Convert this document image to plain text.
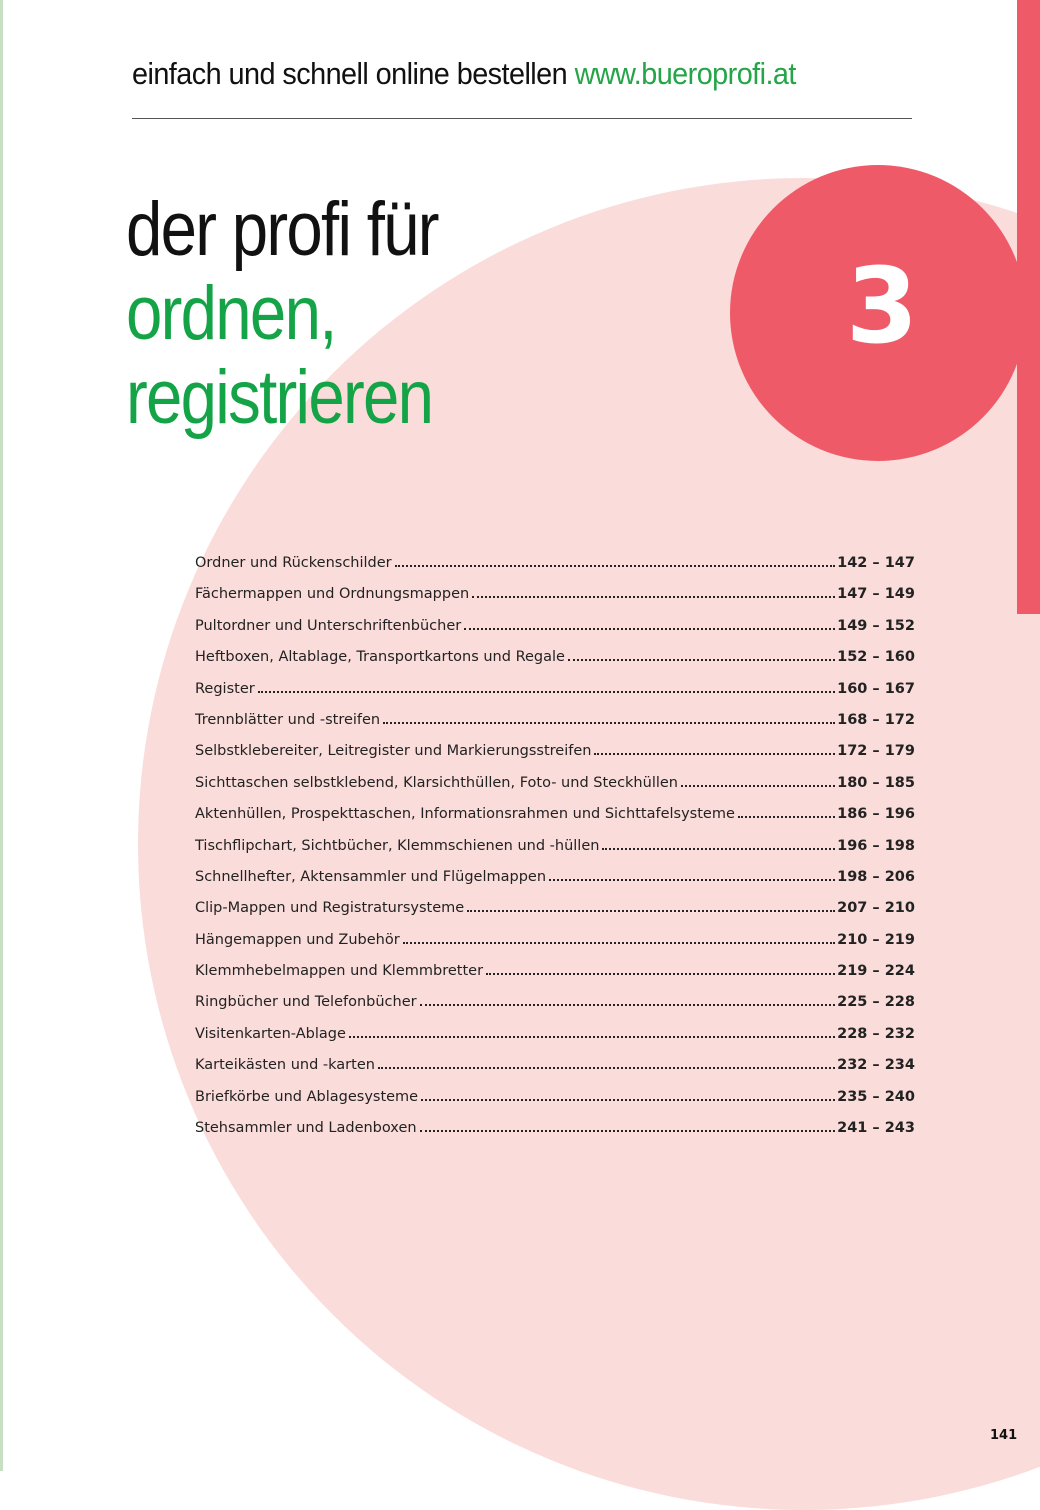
einfach und schnell online bestellen www.bueroprofi.at
der profi für
ordnen,
registrieren
3
Ordner und Rückenschilder	142 – 147
Fächermappen und Ordnungsmappen	147 – 149
Pultordner und Unterschriftenbücher	149 – 152
Heftboxen, Altablage, Transportkartons und Regale	152 – 160
Register	160 – 167
Trennblätter und -streifen	168 – 172
Selbstklebereiter, Leitregister und Markierungsstreifen	172 – 179
Sichttaschen selbstklebend, Klarsichthüllen, Foto- und Steckhüllen	180 – 185
Aktenhüllen, Prospekttaschen, Informationsrahmen und Sichttafelsysteme	186 – 196
Tischflipchart, Sichtbücher, Klemmschienen und -hüllen	196 – 198
Schnellhefter, Aktensammler und Flügelmappen	198 – 206
Clip-Mappen und Registratursysteme	207 – 210
Hängemappen und Zubehör	210 – 219
Klemmhebelmappen und Klemmbretter	219 – 224
Ringbücher und Telefonbücher	225 – 228
Visitenkarten-Ablage	228 – 232
Karteikästen und -karten	232 – 234
Briefkörbe und Ablagesysteme	235 – 240
Stehsammler und Ladenboxen	241 – 243
141
